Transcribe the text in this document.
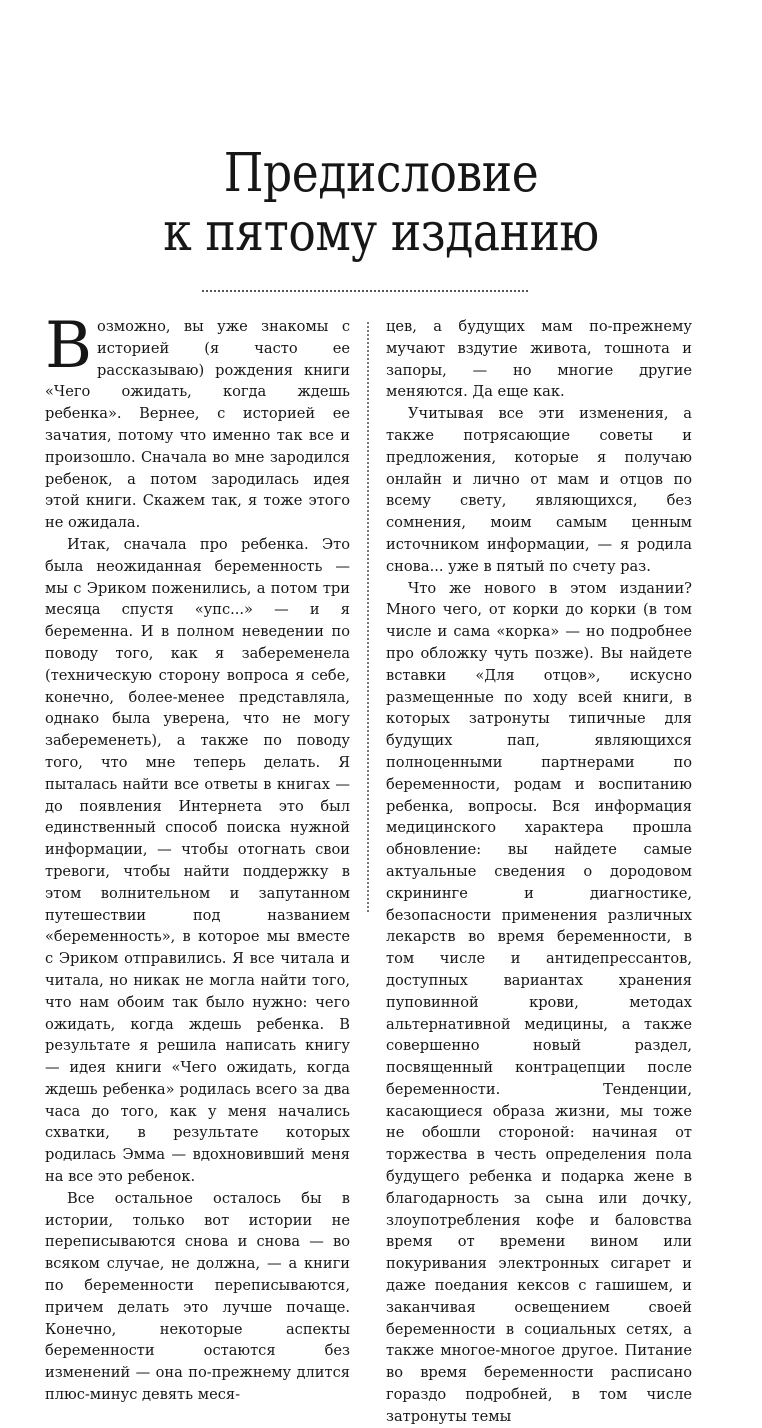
Предисловие
к пятому изданию

Возможно, вы уже знакомы с историей (я часто ее рассказываю) рождения книги «Чего ожидать, когда ждешь ребенка». Вернее, с историей ее зачатия, потому что именно так все и произошло. Сначала во мне зародился ребенок, а потом зародилась идея этой книги. Скажем так, я тоже этого не ожидала.

Итак, сначала про ребенка. Это была неожиданная беременность — мы с Эриком поженились, а потом три месяца спустя «упс...» — и я беременна. И в полном неведении по поводу того, как я забеременела (техническую сторону вопроса я себе, конечно, более-менее представляла, однако была уверена, что не могу забеременеть), а также по поводу того, что мне теперь делать. Я пыталась найти все ответы в книгах — до появления Интернета это был единственный способ поиска нужной информации, — чтобы отогнать свои тревоги, чтобы найти поддержку в этом волнительном и запутанном путешествии под названием «беременность», в которое мы вместе с Эриком отправились. Я все читала и читала, но никак не могла найти того, что нам обоим так было нужно: чего ожидать, когда ждешь ребенка. В результате я решила написать книгу — идея книги «Чего ожидать, когда ждешь ребенка» родилась всего за два часа до того, как у меня начались схватки, в результате которых родилась Эмма — вдохновивший меня на все это ребенок.

Все остальное осталось бы в истории, только вот истории не переписываются снова и снова — во всяком случае, не должна, — а книги по беременности переписываются, причем делать это лучше почаще. Конечно, некоторые аспекты беременности остаются без изменений — она по-прежнему длится плюс-минус девять меся-

цев, а будущих мам по-прежнему мучают вздутие живота, тошнота и запоры, — но многие другие меняются. Да еще как.

Учитывая все эти изменения, а также потрясающие советы и предложения, которые я получаю онлайн и лично от мам и отцов по всему свету, являющихся, без сомнения, моим самым ценным источником информации, — я родила снова... уже в пятый по счету раз.

Что же нового в этом издании? Много чего, от корки до корки (в том числе и сама «корка» — но подробнее про обложку чуть позже). Вы найдете вставки «Для отцов», искусно размещенные по ходу всей книги, в которых затронуты типичные для будущих пап, являющихся полноценными партнерами по беременности, родам и воспитанию ребенка, вопросы. Вся информация медицинского характера прошла обновление: вы найдете самые актуальные сведения о дородовом скрининге и диагностике, безопасности применения различных лекарств во время беременности, в том числе и антидепрессантов, доступных вариантах хранения пуповинной крови, методах альтернативной медицины, а также совершенно новый раздел, посвященный контрацепции после беременности. Тенденции, касающиеся образа жизни, мы тоже не обошли стороной: начиная от торжества в честь определения пола будущего ребенка и подарка жене в благодарность за сына или дочку, злоупотребления кофе и баловства время от времени вином или покуривания электронных сигарет и даже поедания кексов с гашишем, и заканчивая освещением своей беременности в социальных сетях, а также многое-многое другое. Питание во время беременности расписано гораздо подробней, в том числе затронуты темы
